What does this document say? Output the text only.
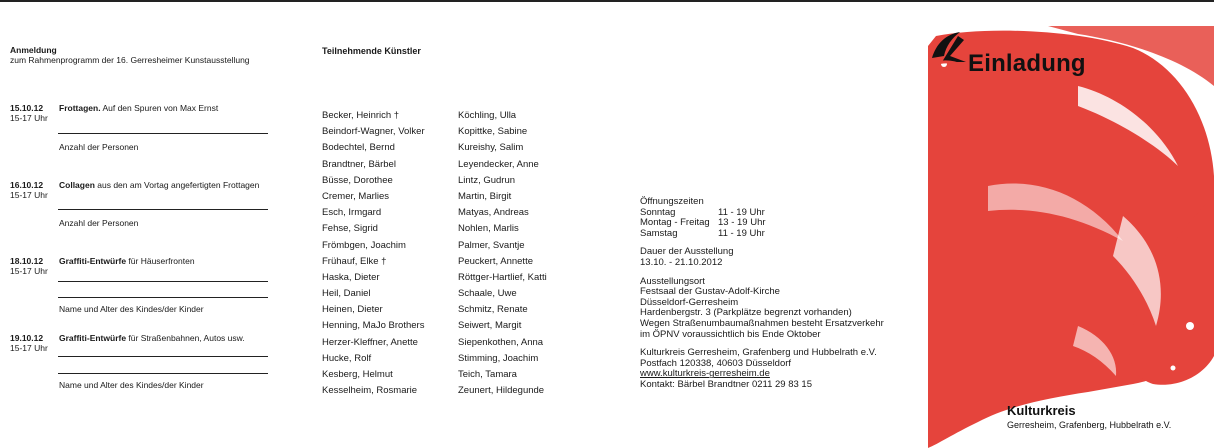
Anmeldung
zum Rahmenprogramm der 16. Gerresheimer Kunstausstellung
15.10.12
15-17 Uhr
Frottagen. Auf den Spuren von Max Ernst
Anzahl der Personen
16.10.12
15-17 Uhr
Collagen aus den am Vortag angefertigten Frottagen
Anzahl der Personen
18.10.12
15-17 Uhr
Graffiti-Entwürfe für Häuserfronten
Name und Alter des Kindes/der Kinder
19.10.12
15-17 Uhr
Graffiti-Entwürfe für Straßenbahnen, Autos usw.
Name und Alter des Kindes/der Kinder
Teilnehmende Künstler
Becker, Heinrich †
Beindorf-Wagner, Volker
Bodechtel, Bernd
Brandtner, Bärbel
Büsse, Dorothee
Cremer, Marlies
Esch, Irmgard
Fehse, Sigrid
Frömbgen, Joachim
Frühauf, Elke †
Haska, Dieter
Heil, Daniel
Heinen, Dieter
Henning, MaJo Brothers
Herzer-Kleffner, Anette
Hucke, Rolf
Kesberg, Helmut
Kesselheim, Rosmarie
Köchling, Ulla
Kopittke, Sabine
Kureishy, Salim
Leyendecker, Anne
Lintz, Gudrun
Martin, Birgit
Matyas, Andreas
Nohlen, Marlis
Palmer, Svantje
Peuckert, Annette
Röttger-Hartlief, Katti
Schaale, Uwe
Schmitz, Renate
Seiwert, Margit
Siepenkothen, Anna
Stimming, Joachim
Teich, Tamara
Zeunert, Hildegunde
Öffnungszeiten
Sonntag	11 - 19 Uhr
Montag - Freitag 13 - 19 Uhr
Samstag	11 - 19 Uhr
Dauer der Ausstellung
13.10. - 21.10.2012
Ausstellungsort
Festsaal der Gustav-Adolf-Kirche
Düsseldorf-Gerresheim
Hardenbergstr. 3 (Parkplätze begrenzt vorhanden)
Wegen Straßenumbaumaßnahmen besteht Ersatzverkehr
im ÖPNV voraussichtlich bis Ende Oktober
Kulturkreis Gerresheim, Grafenberg und Hubbelrath e.V.
Postfach 120338, 40603 Düsseldorf
www.kulturkreis-gerresheim.de
Kontakt: Bärbel Brandtner 0211 29 83 15
Einladung
Kulturkreis
Gerresheim, Grafenberg, Hubbelrath e.V.
